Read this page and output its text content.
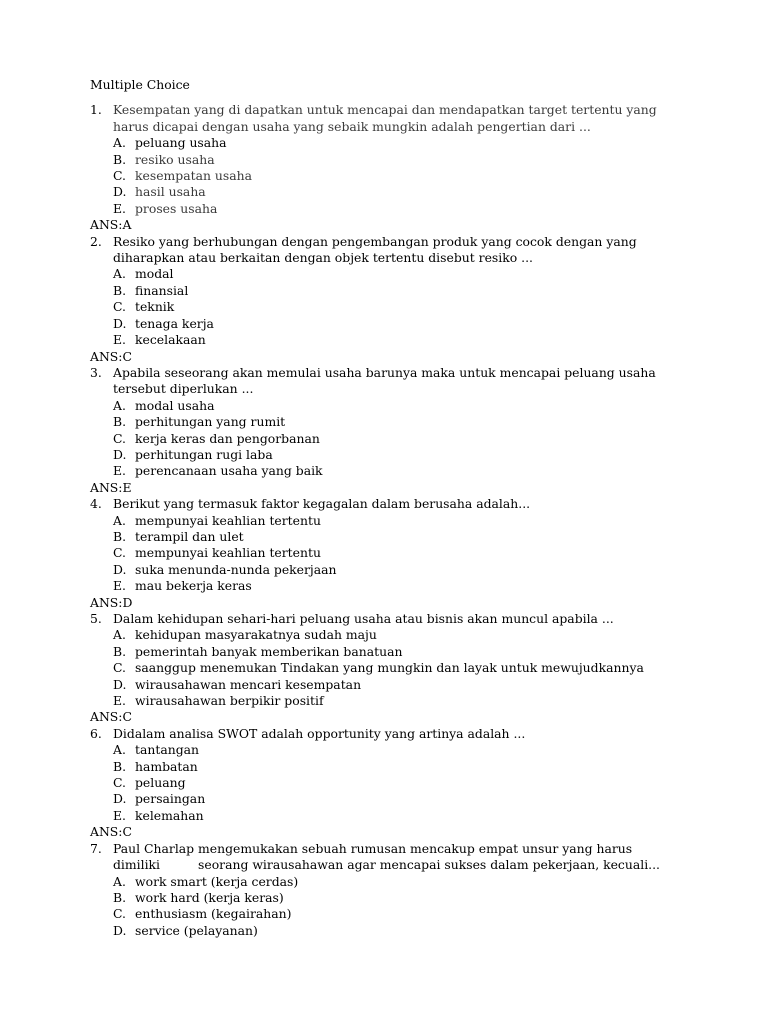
Multiple Choice
1. Kesempatan yang di dapatkan untuk mencapai dan mendapatkan target tertentu yang
harus dicapai dengan usaha yang sebaik mungkin adalah pengertian dari ...
A. peluang usaha
B. resiko usaha
C. kesempatan usaha
D. hasil usaha
E. proses usaha
ANS:A
2. Resiko yang berhubungan dengan pengembangan produk yang cocok dengan yang
diharapkan atau berkaitan dengan objek tertentu disebut resiko ...
A. modal
B. finansial
C. teknik
D. tenaga kerja
E. kecelakaan
ANS:C
3. Apabila seseorang akan memulai usaha barunya maka untuk mencapai peluang usaha
tersebut diperlukan ...
A. modal usaha
B. perhitungan yang rumit
C. kerja keras dan pengorbanan
D. perhitungan rugi laba
E. perencanaan usaha yang baik
ANS:E
4. Berikut yang termasuk faktor kegagalan dalam berusaha adalah...
A. mempunyai keahlian tertentu
B. terampil dan ulet
C. mempunyai keahlian tertentu
D. suka menunda-nunda pekerjaan
E. mau bekerja keras
ANS:D
5. Dalam kehidupan sehari-hari peluang usaha atau bisnis akan muncul apabila ...
A. kehidupan masyarakatnya sudah maju
B. pemerintah banyak memberikan banatuan
C. saanggup menemukan Tindakan yang mungkin dan layak untuk mewujudkannya
D. wirausahawan mencari kesempatan
E. wirausahawan berpikir positif
ANS:C
6. Didalam analisa SWOT adalah opportunity yang artinya adalah ...
A. tantangan
B. hambatan
C. peluang
D. persaingan
E. kelemahan
ANS:C
7. Paul Charlap mengemukakan sebuah rumusan mencakup empat unsur yang harus
dimiliki	seorang wirausahawan agar mencapai sukses dalam pekerjaan, kecuali...
A. work smart (kerja cerdas)
B. work hard (kerja keras)
C. enthusiasm (kegairahan)
D. service (pelayanan)
